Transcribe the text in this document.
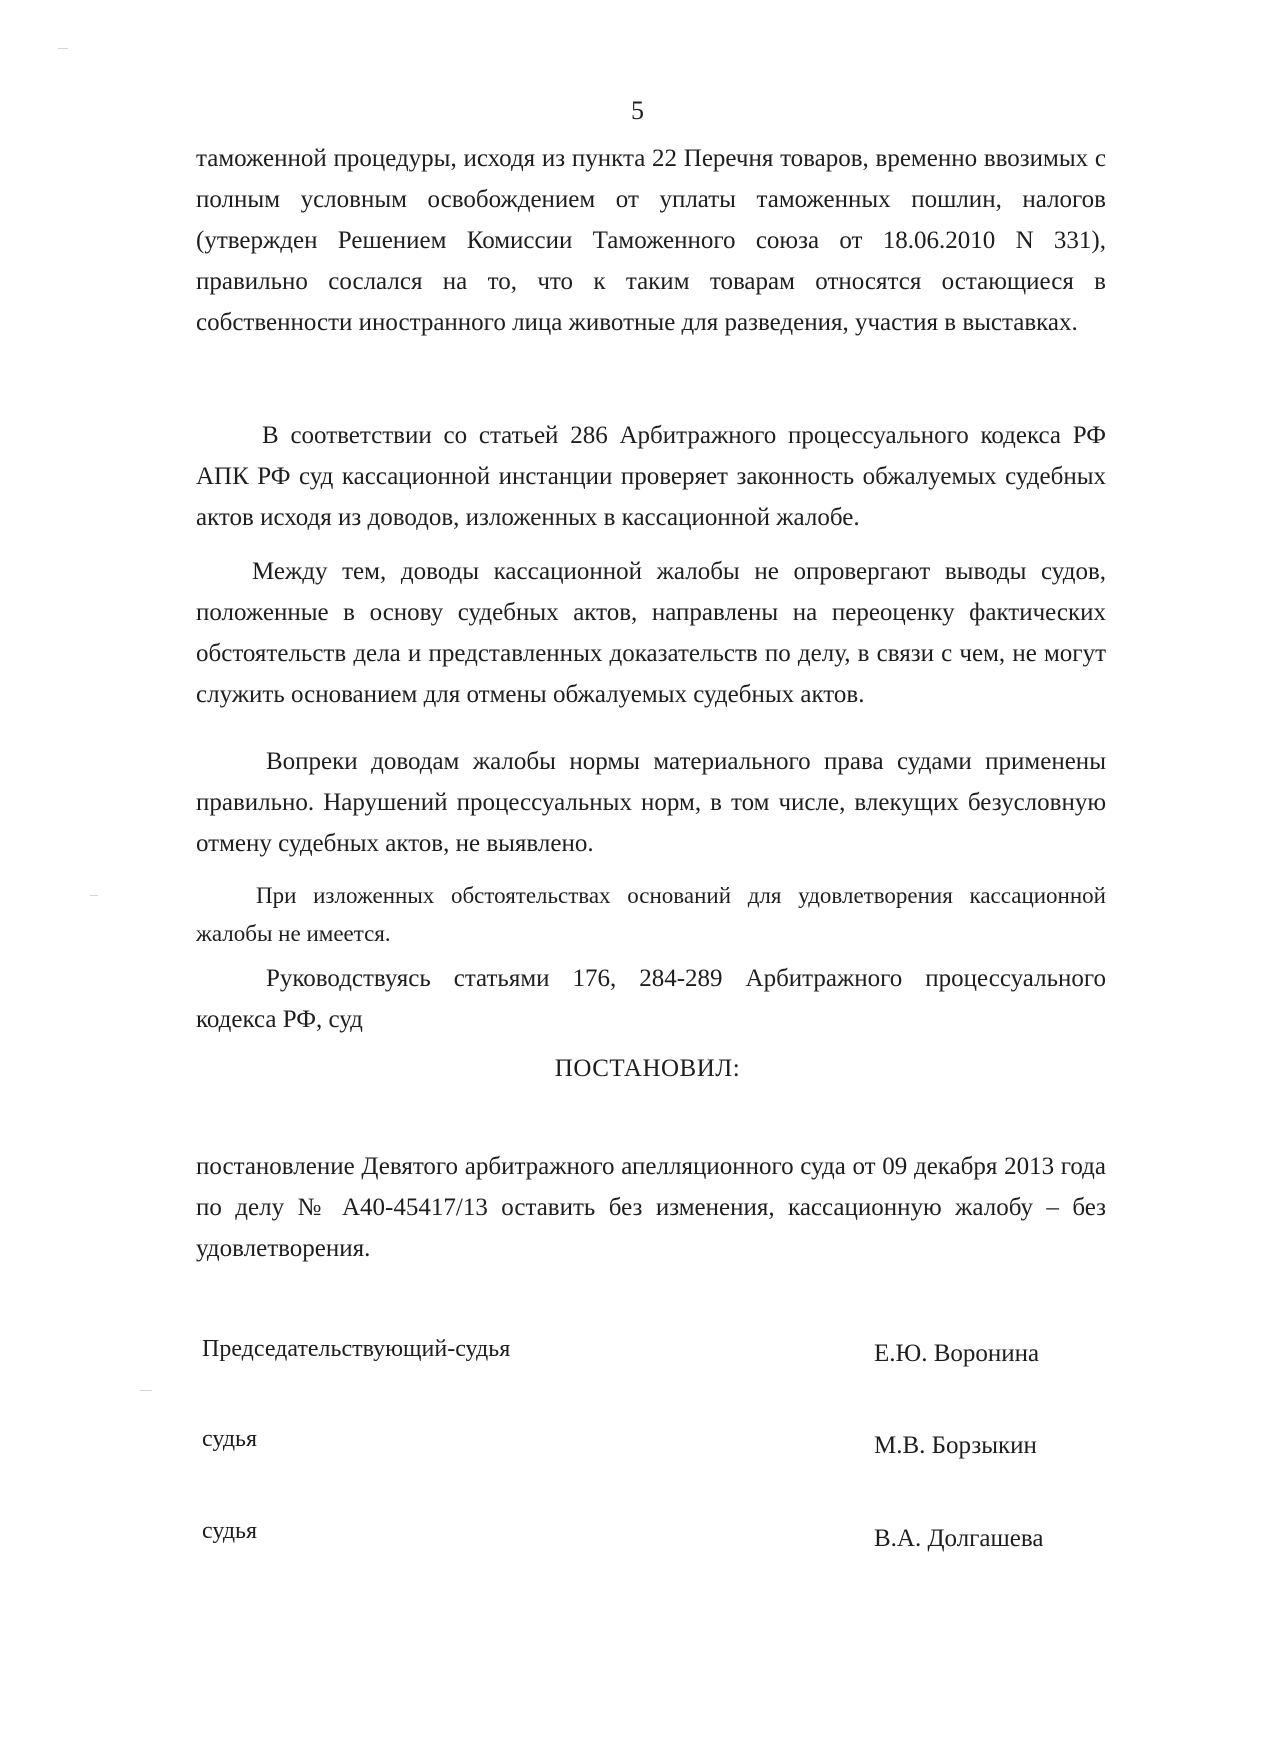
5
таможенной процедуры, исходя из пункта 22 Перечня товаров, временно ввозимых с полным условным освобождением от уплаты таможенных пошлин, налогов (утвержден Решением Комиссии Таможенного союза от 18.06.2010 N 331), правильно сослался на то, что к таким товарам относятся остающиеся в собственности иностранного лица животные для разведения, участия в выставках.
В соответствии со статьей 286 Арбитражного процессуального кодекса РФ АПК РФ суд кассационной инстанции проверяет законность обжалуемых судебных актов исходя из доводов, изложенных в кассационной жалобе.
Между тем, доводы кассационной жалобы не опровергают выводы судов, положенные в основу судебных актов, направлены на переоценку фактических обстоятельств дела и представленных доказательств по делу, в связи с чем, не могут служить основанием для отмены обжалуемых судебных актов.
Вопреки доводам жалобы нормы материального права судами применены правильно. Нарушений процессуальных норм, в том числе, влекущих безусловную отмену судебных актов, не выявлено.
При изложенных обстоятельствах оснований для удовлетворения кассационной жалобы не имеется.
Руководствуясь статьями 176, 284-289 Арбитражного процессуального кодекса РФ, суд
ПОСТАНОВИЛ:
постановление Девятого арбитражного апелляционного суда от 09 декабря 2013 года по делу № А40-45417/13 оставить без изменения, кассационную жалобу – без удовлетворения.
Председательствующий-судья	Е.Ю. Воронина
судья	М.В. Борзыкин
судья	В.А. Долгашева
